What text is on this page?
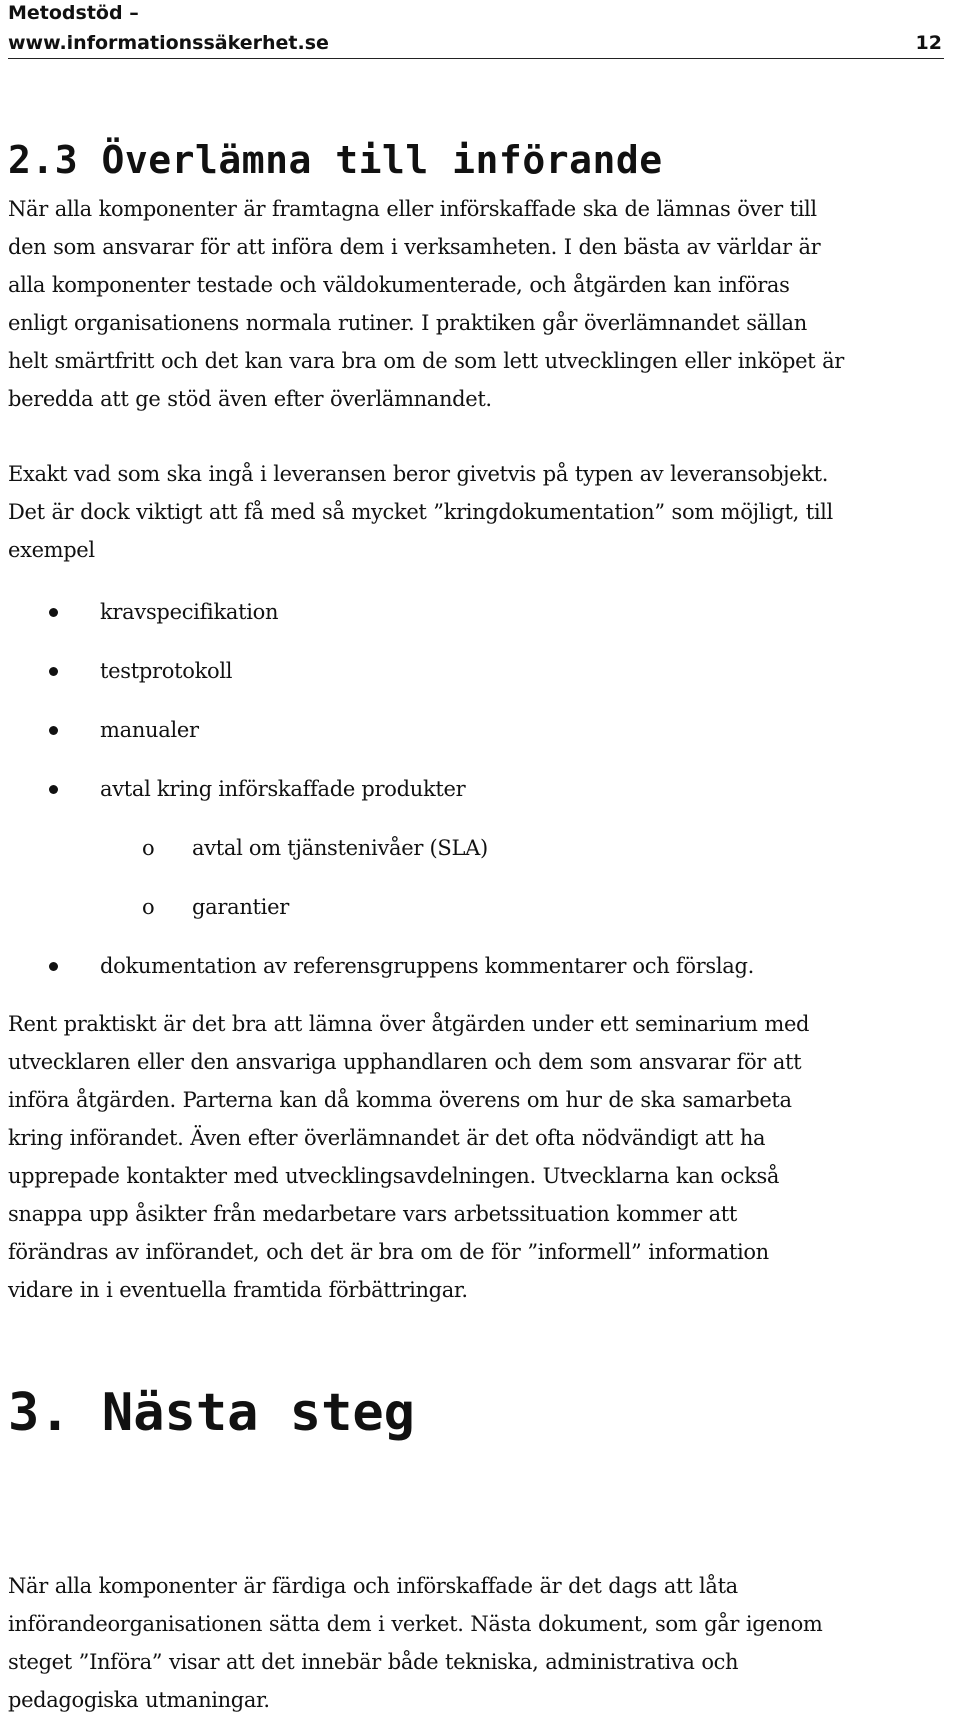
Metodstöd –
www.informationssäkerhet.se	12
2.3 Överlämna till införande

När alla komponenter är framtagna eller införskaffade ska de lämnas över till
den som ansvarar för att införa dem i verksamheten. I den bästa av världar är
alla komponenter testade och väldokumenterade, och åtgärden kan införas
enligt organisationens normala rutiner. I praktiken går överlämnandet sällan
helt smärtfritt och det kan vara bra om de som lett utvecklingen eller inköpet är
beredda att ge stöd även efter överlämnandet.

Exakt vad som ska ingå i leveransen beror givetvis på typen av leveransobjekt.
Det är dock viktigt att få med så mycket ”kringdokumentation” som möjligt, till
exempel

kravspecifikation
testprotokoll
manualer
avtal kring införskaffade produkter
o avtal om tjänstenivåer (SLA)
o garantier
dokumentation av referensgruppens kommentarer och förslag.

Rent praktiskt är det bra att lämna över åtgärden under ett seminarium med
utvecklaren eller den ansvariga upphandlaren och dem som ansvarar för att
införa åtgärden. Parterna kan då komma överens om hur de ska samarbeta
kring införandet. Även efter överlämnandet är det ofta nödvändigt att ha
upprepade kontakter med utvecklingsavdelningen. Utvecklarna kan också
snappa upp åsikter från medarbetare vars arbetssituation kommer att
förändras av införandet, och det är bra om de för ”informell” information
vidare in i eventuella framtida förbättringar.

3. Nästa steg

När alla komponenter är färdiga och införskaffade är det dags att låta
införandeorganisationen sätta dem i verket. Nästa dokument, som går igenom
steget ”Införa” visar att det innebär både tekniska, administrativa och
pedagogiska utmaningar.
